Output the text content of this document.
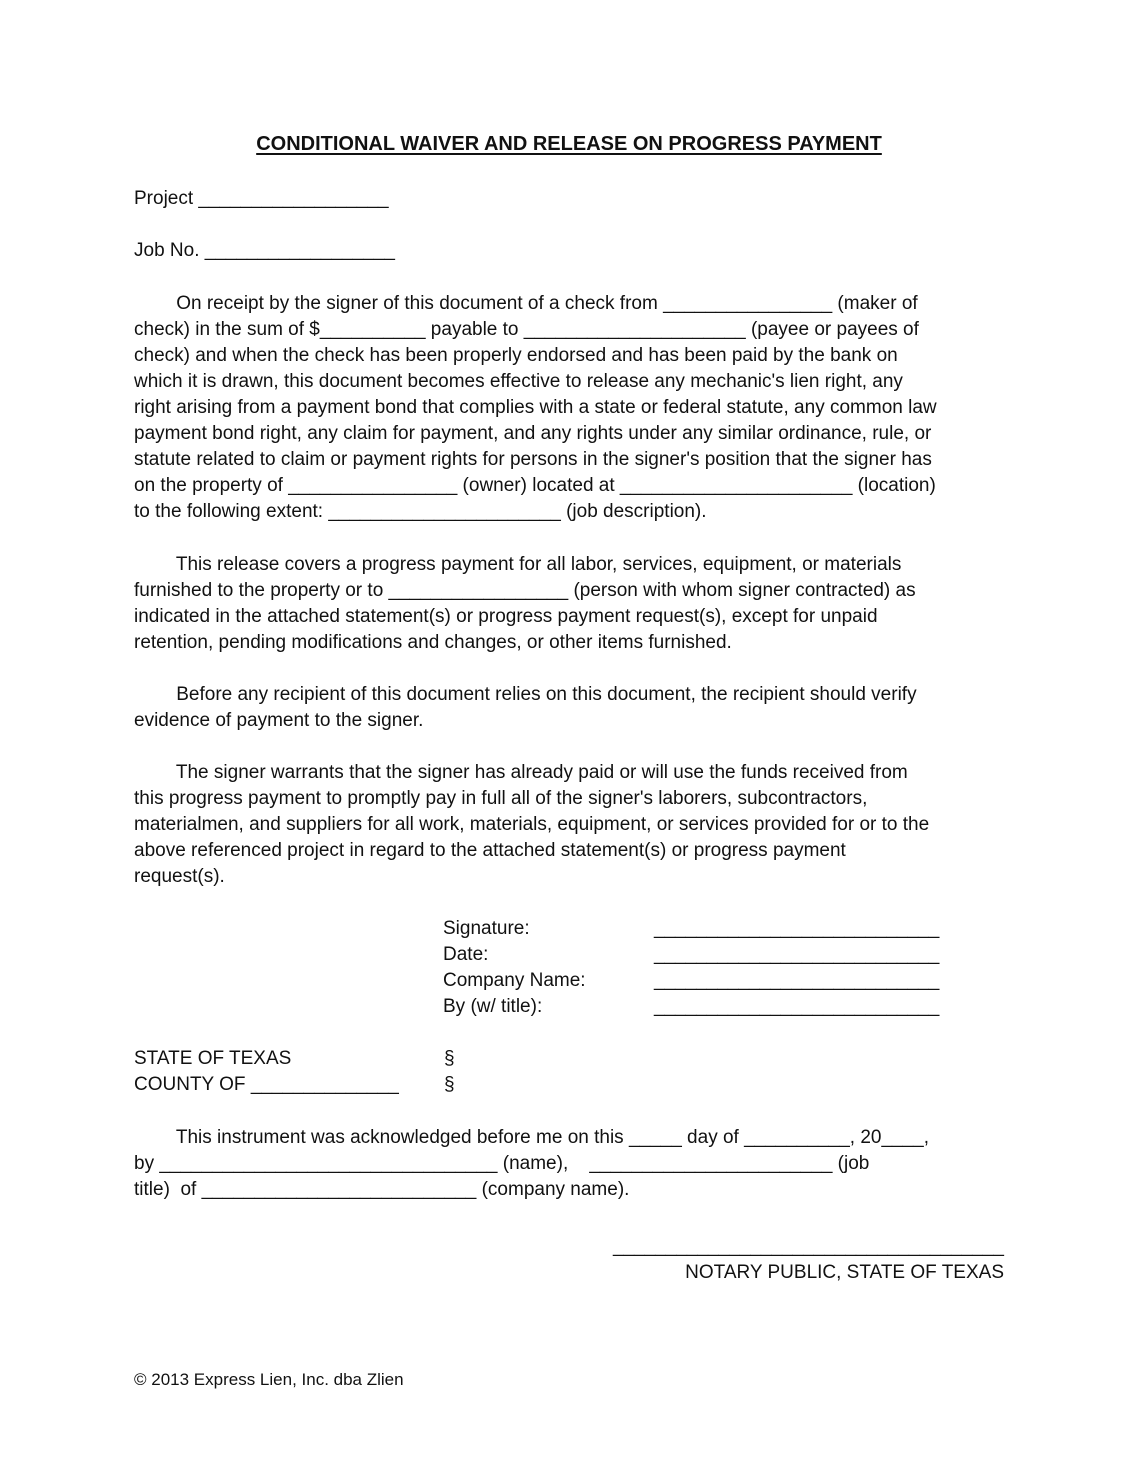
CONDITIONAL WAIVER AND RELEASE ON PROGRESS PAYMENT
Project __________________
Job No. __________________
On receipt by the signer of this document of a check from ________________ (maker of
check) in the sum of $__________ payable to _____________________ (payee or payees of
check) and when the check has been properly endorsed and has been paid by the bank on
which it is drawn, this document becomes effective to release any mechanic's lien right, any
right arising from a payment bond that complies with a state or federal statute, any common law
payment bond right, any claim for payment, and any rights under any similar ordinance, rule, or
statute related to claim or payment rights for persons in the signer's position that the signer has
on the property of ________________ (owner) located at ______________________ (location)
to the following extent: ______________________ (job description).
This release covers a progress payment for all labor, services, equipment, or materials
furnished to the property or to _________________ (person with whom signer contracted) as
indicated in the attached statement(s) or progress payment request(s), except for unpaid
retention, pending modifications and changes, or other items furnished.
Before any recipient of this document relies on this document, the recipient should verify
evidence of payment to the signer.
The signer warrants that the signer has already paid or will use the funds received from
this progress payment to promptly pay in full all of the signer's laborers, subcontractors,
materialmen, and suppliers for all work, materials, equipment, or services provided for or to the
above referenced project in regard to the attached statement(s) or progress payment
request(s).
Signature:	___________________________
Date:	___________________________
Company Name:	___________________________
By (w/ title):	___________________________
STATE OF TEXAS	§
COUNTY OF ______________ §
This instrument was acknowledged before me on this _____ day of __________, 20____,
by ________________________________ (name),    _______________________ (job
title)  of __________________________ (company name).
_____________________________________
NOTARY PUBLIC, STATE OF TEXAS
© 2013 Express Lien, Inc. dba Zlien
